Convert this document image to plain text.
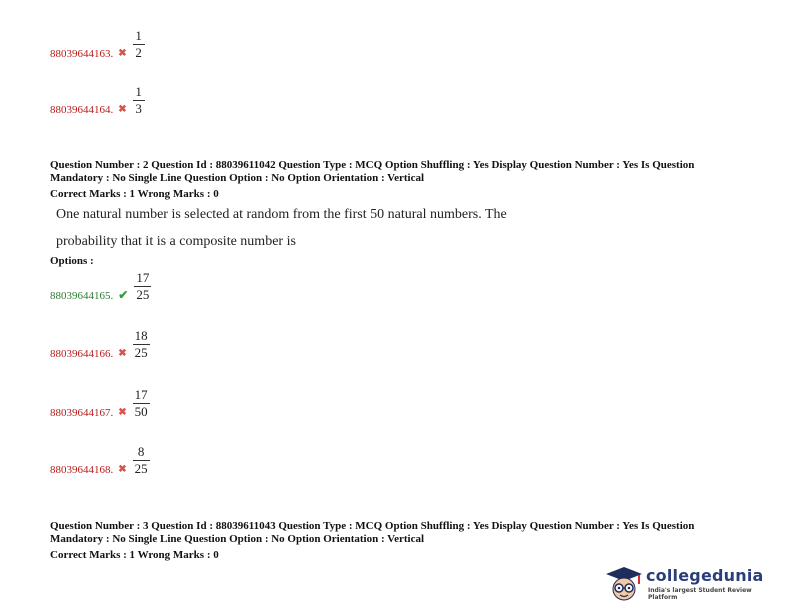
88039644163. ✖ $\frac{1}{2}$
88039644164. ✖ $\frac{1}{3}$
Question Number : 2 Question Id : 88039611042 Question Type : MCQ Option Shuffling : Yes Display Question Number : Yes Is Question
Mandatory : No Single Line Question Option : No Option Orientation : Vertical
Correct Marks : 1 Wrong Marks : 0
One natural number is selected at random from the first 50 natural numbers. The
probability that it is a composite number is
Options :
88039644165. ✔ $\frac{17}{25}$
88039644166. ✖ $\frac{18}{25}$
88039644167. ✖ $\frac{17}{50}$
88039644168. ✖ $\frac{8}{25}$
Question Number : 3 Question Id : 88039611043 Question Type : MCQ Option Shuffling : Yes Display Question Number : Yes Is Question
Mandatory : No Single Line Question Option : No Option Orientation : Vertical
Correct Marks : 1 Wrong Marks : 0
collegedunia
India's largest Student Review Platform
